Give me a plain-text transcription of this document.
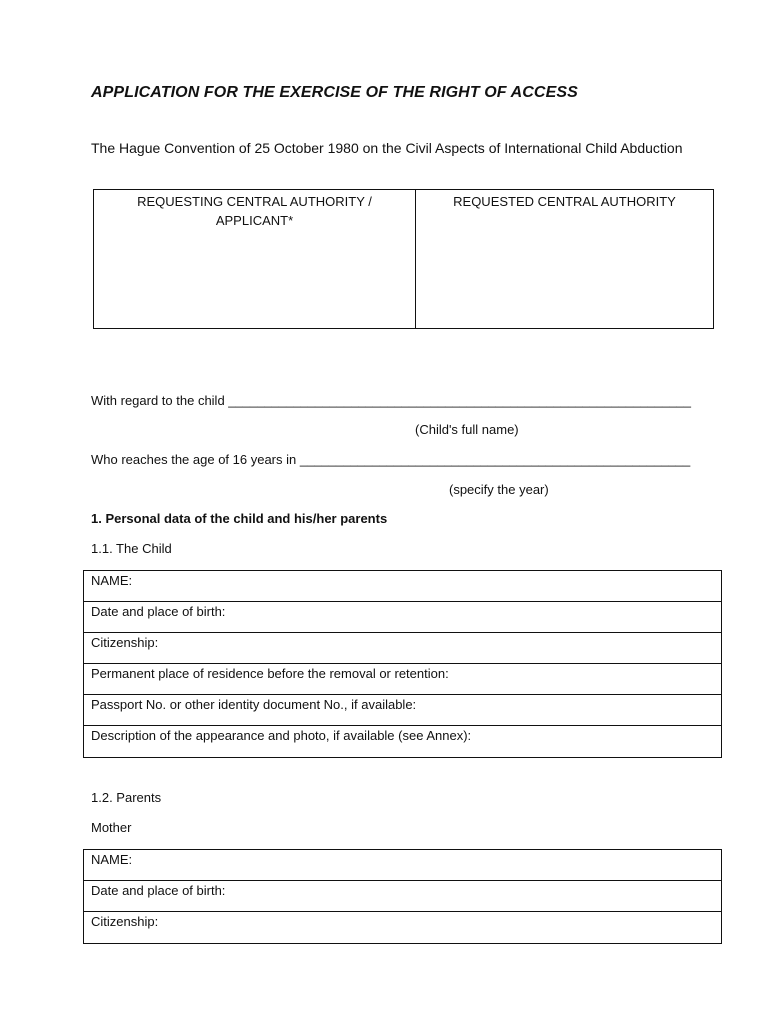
APPLICATION FOR THE EXERCISE OF THE RIGHT OF ACCESS
The Hague Convention of 25 October 1980 on the Civil Aspects of International Child Abduction
REQUESTING CENTRAL AUTHORITY / APPLICANT*
REQUESTED CENTRAL AUTHORITY
With regard to the child ________________________________________________________________
(Child's full name)
Who reaches the age of 16 years in ______________________________________________________
(specify the year)
1. Personal data of the child and his/her parents
1.1. The Child
NAME:
Date and place of birth:
Citizenship:
Permanent place of residence before the removal or retention:
Passport No. or other identity document No., if available:
Description of the appearance and photo, if available (see Annex):
1.2. Parents
Mother
NAME:
Date and place of birth:
Citizenship:
